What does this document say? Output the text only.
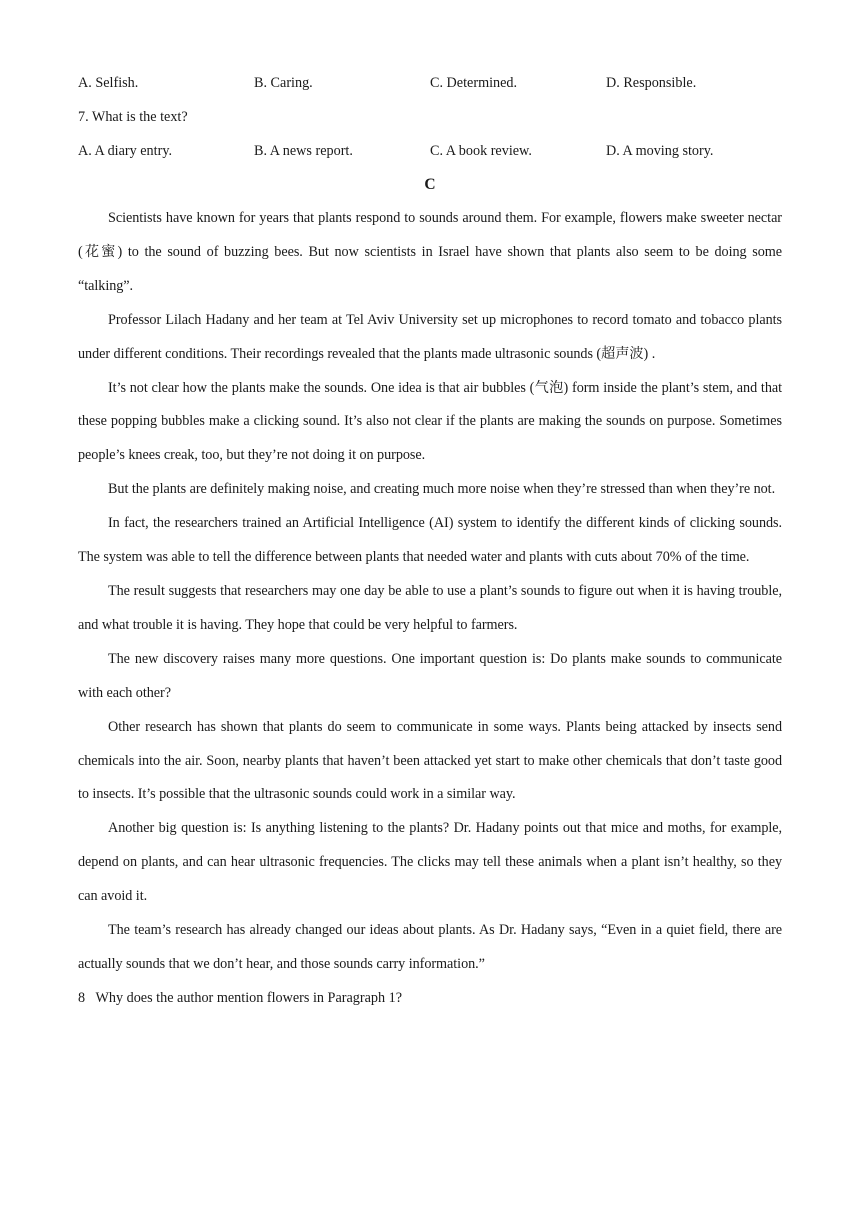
A. Selfish.	B. Caring.	C. Determined.	D. Responsible.
7. What is the text?
A. A diary entry.	B. A news report.	C. A book review.	D. A moving story.
C

Scientists have known for years that plants respond to sounds around them. For example, flowers make sweeter nectar (花蜜) to the sound of buzzing bees. But now scientists in Israel have shown that plants also seem to be doing some “talking”.

Professor Lilach Hadany and her team at Tel Aviv University set up microphones to record tomato and tobacco plants under different conditions. Their recordings revealed that the plants made ultrasonic sounds (超声波) .

It’s not clear how the plants make the sounds. One idea is that air bubbles (气泡) form inside the plant’s stem, and that these popping bubbles make a clicking sound. It’s also not clear if the plants are making the sounds on purpose. Sometimes people’s knees creak, too, but they’re not doing it on purpose.

But the plants are definitely making noise, and creating much more noise when they’re stressed than when they’re not.

In fact, the researchers trained an Artificial Intelligence (AI) system to identify the different kinds of clicking sounds. The system was able to tell the difference between plants that needed water and plants with cuts about 70% of the time.

The result suggests that researchers may one day be able to use a plant’s sounds to figure out when it is having trouble, and what trouble it is having. They hope that could be very helpful to farmers.

The new discovery raises many more questions. One important question is: Do plants make sounds to communicate with each other?

Other research has shown that plants do seem to communicate in some ways. Plants being attacked by insects send chemicals into the air. Soon, nearby plants that haven’t been attacked yet start to make other chemicals that don’t taste good to insects. It’s possible that the ultrasonic sounds could work in a similar way.

Another big question is: Is anything listening to the plants? Dr. Hadany points out that mice and moths, for example, depend on plants, and can hear ultrasonic frequencies. The clicks may tell these animals when a plant isn’t healthy, so they can avoid it.

The team’s research has already changed our ideas about plants. As Dr. Hadany says, “Even in a quiet field, there are actually sounds that we don’t hear, and those sounds carry information.”

8   Why does the author mention flowers in Paragraph 1?
